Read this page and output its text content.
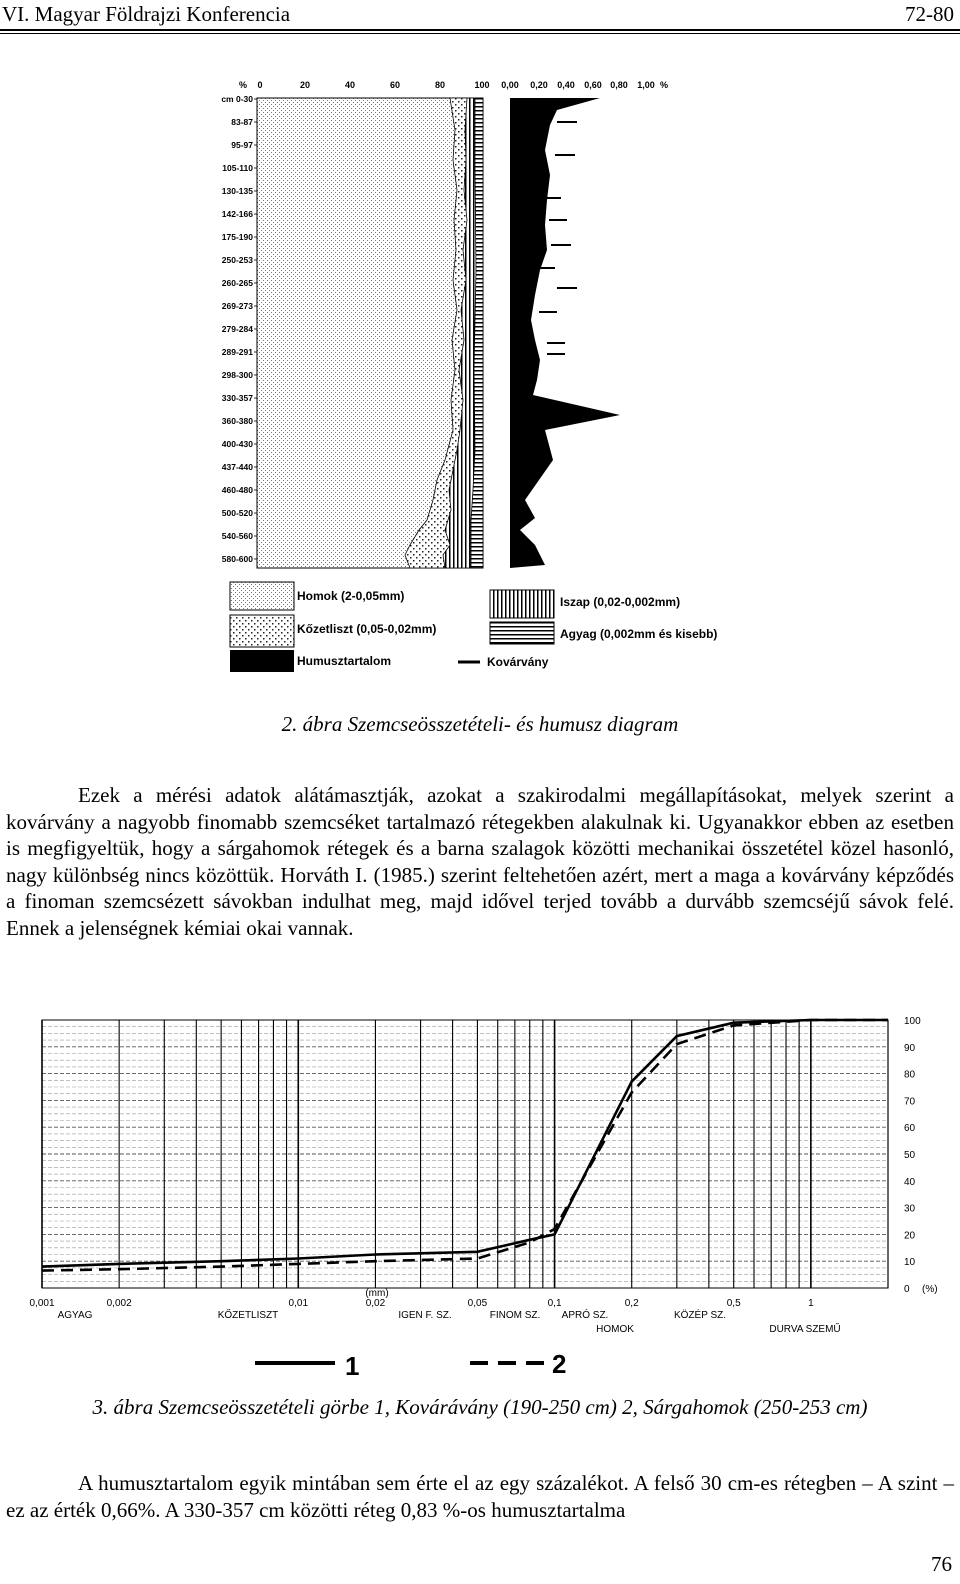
VI. Magyar Földrajzi Konferencia	72-80
% 0	20	40	60	80	100 0,00 0,20 0,40 0,60 0,80 1,00 %
cm 0-30
83-87
95-97
105-110
130-135
142-166
175-190
250-253
260-265
269-273
279-284
289-291
298-300
330-357
360-380
400-430
437-440
460-480
500-520
540-560
580-600
Homok (2-0,05mm)
Kőzetliszt (0,05-0,02mm)
Humusztartalom
Iszap (0,02-0,002mm)
Agyag (0,002mm és kisebb)
Kovárvány
2. ábra Szemcseösszetételi- és humusz diagram

Ezek a mérési adatok alátámasztják, azokat a szakirodalmi megállapításokat, melyek szerint a kovárvány a nagyobb finomabb szemcséket tartalmazó rétegekben alakulnak ki. Ugyanakkor ebben az esetben is megfigyeltük, hogy a sárgahomok rétegek és a barna szalagok közötti mechanikai összetétel közel hasonló, nagy különbség nincs közöttük. Horváth I. (1985.) szerint feltehetően azért, mert a maga a kovárvány képződés a finoman szemcsézett sávokban indulhat meg, majd idővel terjed tovább a durvább szemcséjű sávok felé. Ennek a jelenségnek kémiai okai vannak.

100
90
80
70
60
50
40
30
20
10
0 (%)
0,001	0,002	0,01	0,02	0,05	0,1	0,2	0,5	1
(mm)
AGYAG	KŐZETLISZT	IGEN F. SZ.	FINOM SZ. APRÓ SZ.
HOMOK
KÖZÉP SZ.
DURVA SZEMŰ
1	2
3. ábra Szemcseösszetételi görbe 1, Kovárávány (190-250 cm) 2, Sárgahomok (250-253 cm)

A humusztartalom egyik mintában sem érte el az egy százalékot. A felső 30 cm-es rétegben – A szint – ez az érték 0,66%. A 330-357 cm közötti réteg 0,83 %-os humusztartalma

76
